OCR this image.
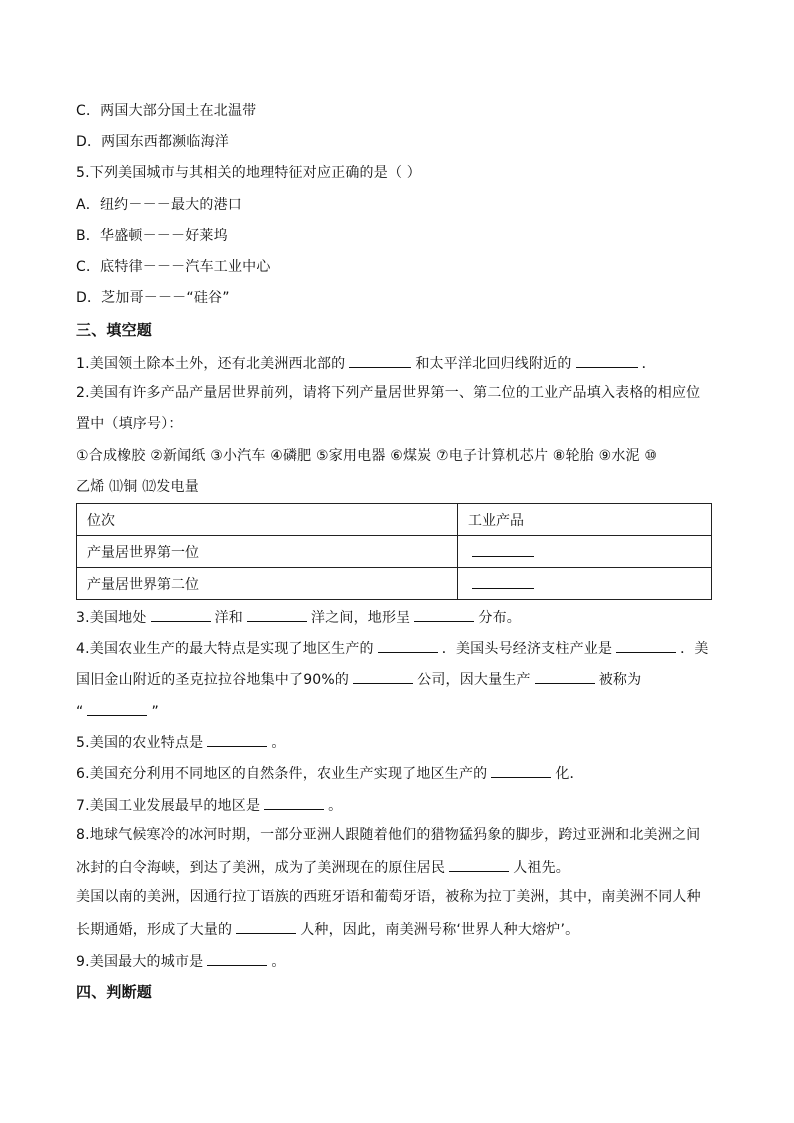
C．两国大部分国土在北温带
D．两国东西都濒临海洋
5.下列美国城市与其相关的地理特征对应正确的是（ ）
A．纽约－－－最大的港口
B．华盛顿－－－好莱坞
C．底特律－－－汽车工业中心
D．芝加哥－－－“硅谷”
三、填空题
1.美国领土除本土外，还有北美洲西北部的	和太平洋北回归线附近的	．
2.美国有许多产品产量居世界前列，请将下列产量居世界第一、第二位的工业产品填入表格的相应位
置中（填序号）：
①合成橡胶 ②新闻纸 ③小汽车 ④磷肥 ⑤家用电器 ⑥煤炭 ⑦电子计算机芯片 ⑧轮胎 ⑨水泥 ⑩
乙烯 ⑾铜 ⑿发电量
位次	工业产品
产量居世界第一位	
产量居世界第二位	
3.美国地处	洋和	洋之间，地形呈	分布。
4.美国农业生产的最大特点是实现了地区生产的	．美国头号经济支柱产业是	．美
国旧金山附近的圣克拉拉谷地集中了90%的	公司，因大量生产	被称为
“	”
5.美国的农业特点是	。
6.美国充分利用不同地区的自然条件，农业生产实现了地区生产的	化．
7.美国工业发展最早的地区是	。
8.地球气候寒冷的冰河时期，一部分亚洲人跟随着他们的猎物猛犸象的脚步，跨过亚洲和北美洲之间
冰封的白令海峡，到达了美洲，成为了美洲现在的原住居民	人祖先。
美国以南的美洲，因通行拉丁语族的西班牙语和葡萄牙语，被称为拉丁美洲，其中，南美洲不同人种
长期通婚，形成了大量的	人种，因此，南美洲号称‘世界人种大熔炉’。
9.美国最大的城市是	。
四、判断题
